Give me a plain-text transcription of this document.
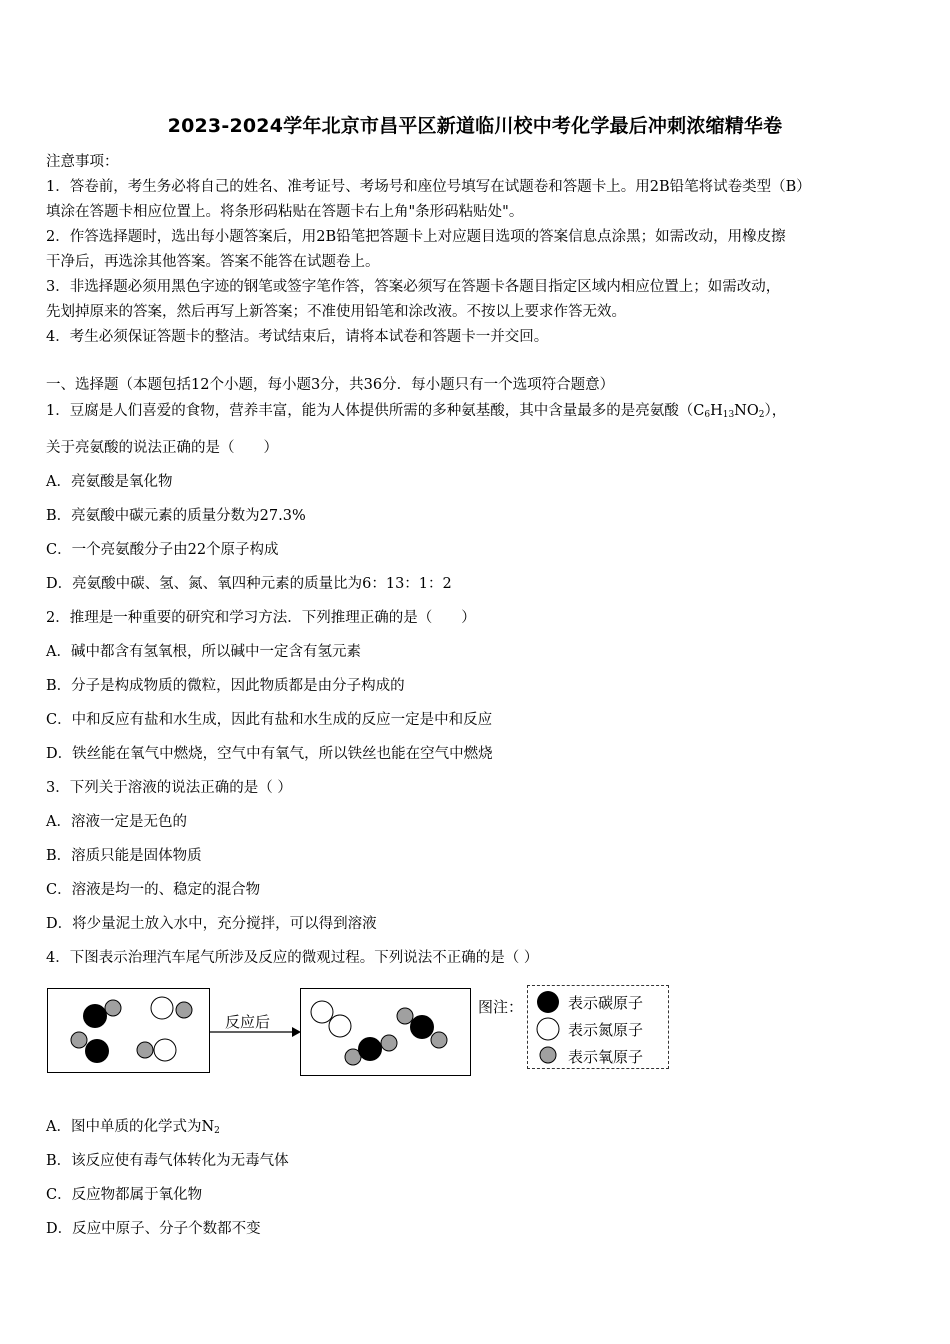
2023-2024学年北京市昌平区新道临川校中考化学最后冲刺浓缩精华卷
注意事项：
1．答卷前，考生务必将自己的姓名、准考证号、考场号和座位号填写在试题卷和答题卡上。用2B铅笔将试卷类型（B）
填涂在答题卡相应位置上。将条形码粘贴在答题卡右上角"条形码粘贴处"。
2．作答选择题时，选出每小题答案后，用2B铅笔把答题卡上对应题目选项的答案信息点涂黑；如需改动，用橡皮擦
干净后，再选涂其他答案。答案不能答在试题卷上。
3．非选择题必须用黑色字迹的钢笔或签字笔作答，答案必须写在答题卡各题目指定区域内相应位置上；如需改动，
先划掉原来的答案，然后再写上新答案；不准使用铅笔和涂改液。不按以上要求作答无效。
4．考生必须保证答题卡的整洁。考试结束后，请将本试卷和答题卡一并交回。
一、选择题（本题包括12个小题，每小题3分，共36分．每小题只有一个选项符合题意）
1．豆腐是人们喜爱的食物，营养丰富，能为人体提供所需的多种氨基酸，其中含量最多的是亮氨酸$(C_6H_{13}NO_2)$，
关于亮氨酸的说法正确的是（　　）
A．亮氨酸是氧化物
B．亮氨酸中碳元素的质量分数为27.3%
C．一个亮氨酸分子由22个原子构成
D．亮氨酸中碳、氢、氮、氧四种元素的质量比为6：13：1：2
2．推理是一种重要的研究和学习方法．下列推理正确的是（　　）
A．碱中都含有氢氧根，所以碱中一定含有氢元素
B．分子是构成物质的微粒，因此物质都是由分子构成的
C．中和反应有盐和水生成，因此有盐和水生成的反应一定是中和反应
D．铁丝能在氧气中燃烧，空气中有氧气，所以铁丝也能在空气中燃烧
3．下列关于溶液的说法正确的是（ ）
A．溶液一定是无色的
B．溶质只能是固体物质
C．溶液是均一的、稳定的混合物
D．将少量泥土放入水中，充分搅拌，可以得到溶液
4．下图表示治理汽车尾气所涉及反应的微观过程。下列说法不正确的是（ ）
反应后
图注：	表示碳原子
表示氮原子
表示氧原子
A．图中单质的化学式为$N_2$
B．该反应使有毒气体转化为无毒气体
C．反应物都属于氧化物
D．反应中原子、分子个数都不变
